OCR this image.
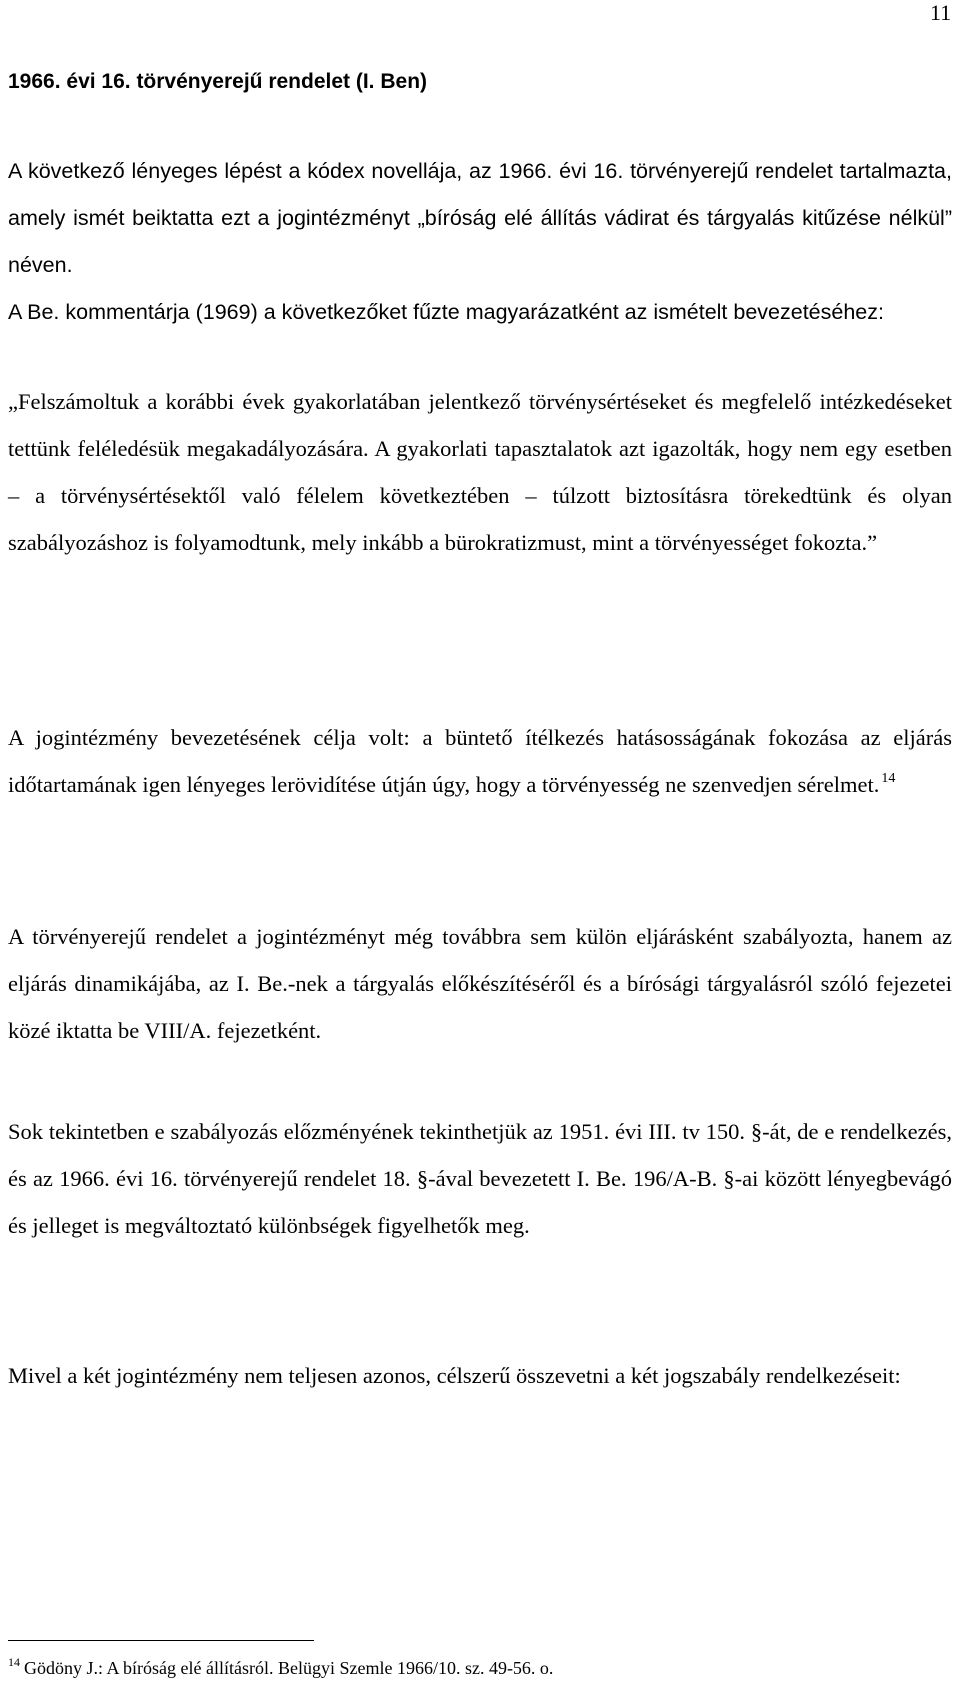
11
1966. évi 16. törvényerejű rendelet (I. Ben)
A következő lényeges lépést a kódex novellája, az 1966. évi 16. törvényerejű rendelet tartalmazta, amely ismét beiktatta ezt a jogintézményt „bíróság elé állítás vádirat és tárgyalás kitűzése nélkül” néven.
A Be. kommentárja (1969) a következőket fűzte magyarázatként az ismételt bevezetéséhez:

„Felszámoltuk a korábbi évek gyakorlatában jelentkező törvénysértéseket és megfelelő intézkedéseket tettünk feléledésük megakadályozására. A gyakorlati tapasztalatok azt igazolták, hogy nem egy esetben – a törvénysértésektől való félelem következtében – túlzott biztosításra törekedtünk és olyan szabályozáshoz is folyamodtunk, mely inkább a bürokratizmust, mint a törvényességet fokozta.”

A jogintézmény bevezetésének célja volt: a büntető ítélkezés hatásosságának fokozása az eljárás időtartamának igen lényeges lerövidítése útján úgy, hogy a törvényesség ne szenvedjen sérelmet. $^{14}$

A törvényerejű rendelet a jogintézményt még továbbra sem külön eljárásként szabályozta, hanem az eljárás dinamikájába, az I. Be.-nek a tárgyalás előkészítéséről és a bírósági tárgyalásról szóló fejezetei közé iktatta be VIII/A. fejezetként.

Sok tekintetben e szabályozás előzményének tekinthetjük az 1951. évi III. tv 150. §-át, de e rendelkezés, és az 1966. évi 16. törvényerejű rendelet 18. §-ával bevezetett I. Be. 196/A-B. §-ai között lényegbevágó és jelleget is megváltoztató különbségek figyelhetők meg.

Mivel a két jogintézmény nem teljesen azonos, célszerű összevetni a két jogszabály rendelkezéseit:

$^{14}$ Gödöny J.: A bíróság elé állításról. Belügyi Szemle 1966/10. sz. 49-56. o.
